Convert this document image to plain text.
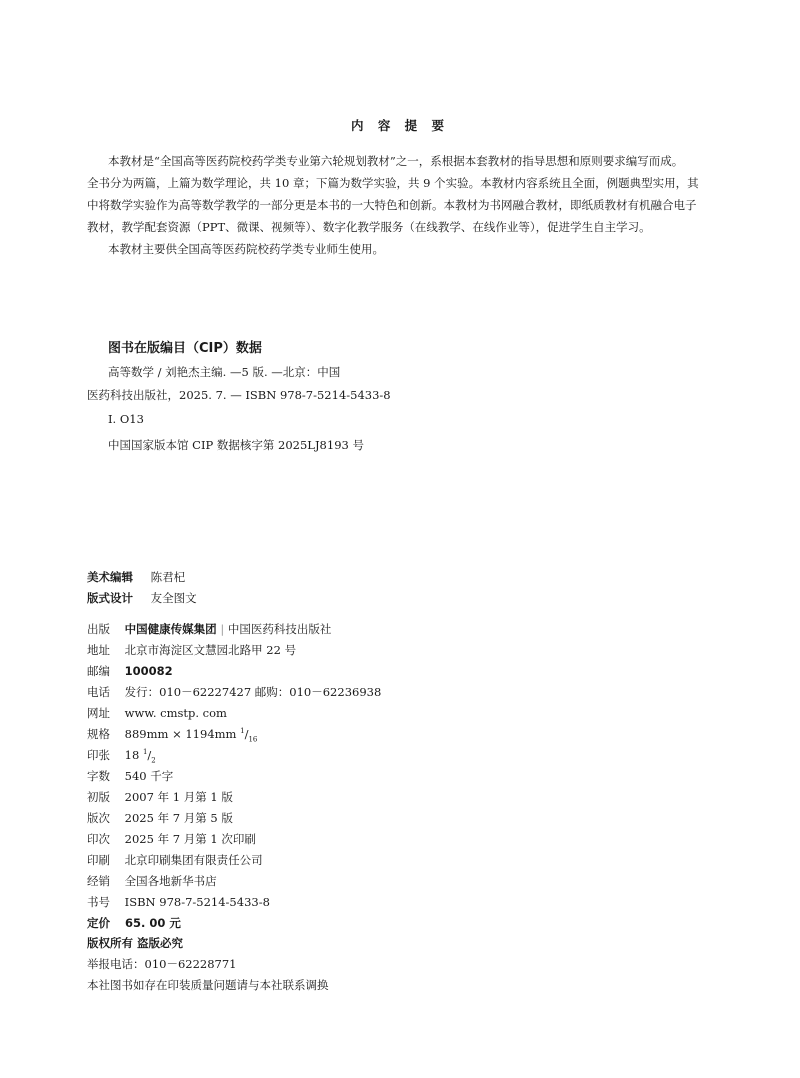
内 容 提 要
本教材是“全国高等医药院校药学类专业第六轮规划教材”之一，系根据本套教材的指导思想和原则要求编写而成。
全书分为两篇，上篇为数学理论，共 10 章；下篇为数学实验，共 9 个实验。本教材内容系统且全面，例题典型实用，其
中将数学实验作为高等数学教学的一部分更是本书的一大特色和创新。本教材为书网融合教材，即纸质教材有机融合电子
教材，教学配套资源（PPT、微课、视频等）、数字化教学服务（在线教学、在线作业等），促进学生自主学习。
本教材主要供全国高等医药院校药学类专业师生使用。
图书在版编目（CIP）数据
高等数学 / 刘艳杰主编. —5 版. —北京：中国
医药科技出版社，2025. 7. — ISBN 978-7-5214-5433-8
Ⅰ. O13
中国国家版本馆 CIP 数据核字第 2025LJ8193 号
美术编辑 陈君杞
版式设计 友全图文
出版 中国健康传媒集团 | 中国医药科技出版社
地址 北京市海淀区文慧园北路甲 22 号
邮编 100082
电话 发行：010－62227427 邮购：010－62236938
网址 www. cmstp. com
规格 889mm × 1194mm $^1/_{16}$
印张 18 $^1/_2$
字数 540 千字
初版 2007 年 1 月第 1 版
版次 2025 年 7 月第 5 版
印次 2025 年 7 月第 1 次印刷
印刷 北京印刷集团有限责任公司
经销 全国各地新华书店
书号 ISBN 978-7-5214-5433-8
定价 65. 00 元
版权所有 盗版必究
举报电话：010－62228771
本社图书如存在印装质量问题请与本社联系调换
